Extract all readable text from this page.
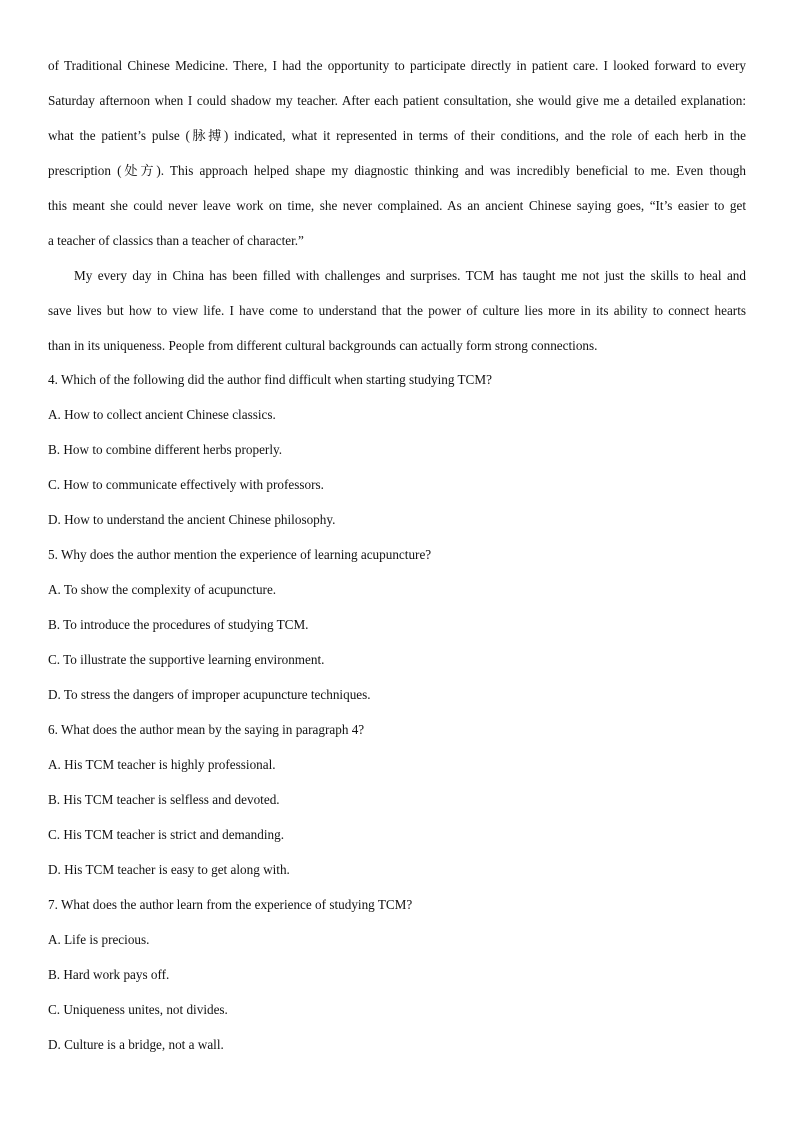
of Traditional Chinese Medicine. There, I had the opportunity to participate directly in patient care. I looked forward to every
Saturday afternoon when I could shadow my teacher. After each patient consultation, she would give me a detailed explanation:
what the patient’s pulse (脉搏) indicated, what it represented in terms of their conditions, and the role of each herb in the
prescription (处方). This approach helped shape my diagnostic thinking and was incredibly beneficial to me. Even though
this meant she could never leave work on time, she never complained. As an ancient Chinese saying goes, “It’s easier to get
a teacher of classics than a teacher of character.”
My every day in China has been filled with challenges and surprises. TCM has taught me not just the skills to heal and
save lives but how to view life. I have come to understand that the power of culture lies more in its ability to connect hearts
than in its uniqueness. People from different cultural backgrounds can actually form strong connections.

4. Which of the following did the author find difficult when starting studying TCM?

A. How to collect ancient Chinese classics.

B. How to combine different herbs properly.

C. How to communicate effectively with professors.

D. How to understand the ancient Chinese philosophy.

5. Why does the author mention the experience of learning acupuncture?

A. To show the complexity of acupuncture.

B. To introduce the procedures of studying TCM.

C. To illustrate the supportive learning environment.

D. To stress the dangers of improper acupuncture techniques.

6. What does the author mean by the saying in paragraph 4?

A. His TCM teacher is highly professional.

B. His TCM teacher is selfless and devoted.

C. His TCM teacher is strict and demanding.

D. His TCM teacher is easy to get along with.

7. What does the author learn from the experience of studying TCM?

A. Life is precious.

B. Hard work pays off.

C. Uniqueness unites, not divides.

D. Culture is a bridge, not a wall.
